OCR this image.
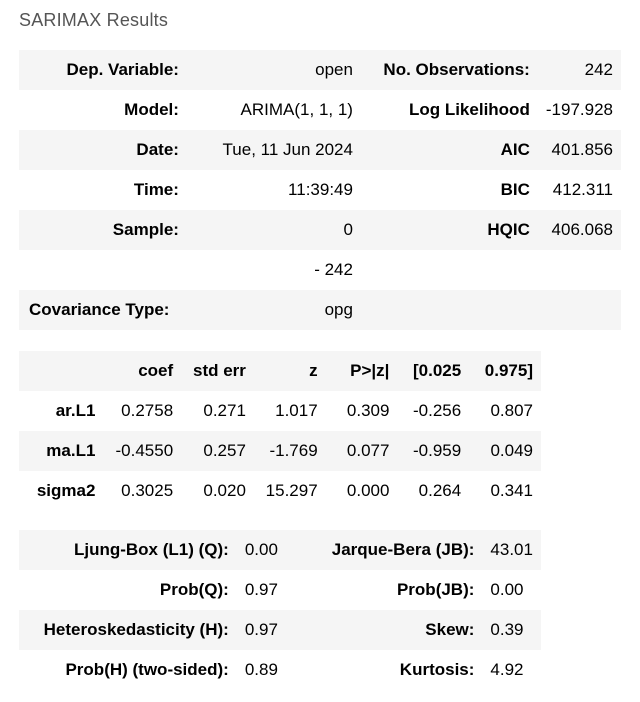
SARIMAX Results
Dep. Variable:	open	No. Observations:	242
Model:	ARIMA(1, 1, 1)	Log Likelihood	-197.928
Date:	Tue, 11 Jun 2024	AIC	401.856
Time:	11:39:49	BIC	412.311
Sample:	0	HQIC	406.068
	- 242		
Covariance Type:	opg		
	coef	std err	z	P>|z|	[0.025	0.975]
ar.L1	0.2758	0.271	1.017	0.309	-0.256	0.807
ma.L1	-0.4550	0.257	-1.769	0.077	-0.959	0.049
sigma2	0.3025	0.020	15.297	0.000	0.264	0.341
Ljung-Box (L1) (Q):	0.00	Jarque-Bera (JB):	43.01
Prob(Q):	0.97	Prob(JB):	0.00
Heteroskedasticity (H):	0.97	Skew:	0.39
Prob(H) (two-sided):	0.89	Kurtosis:	4.92
